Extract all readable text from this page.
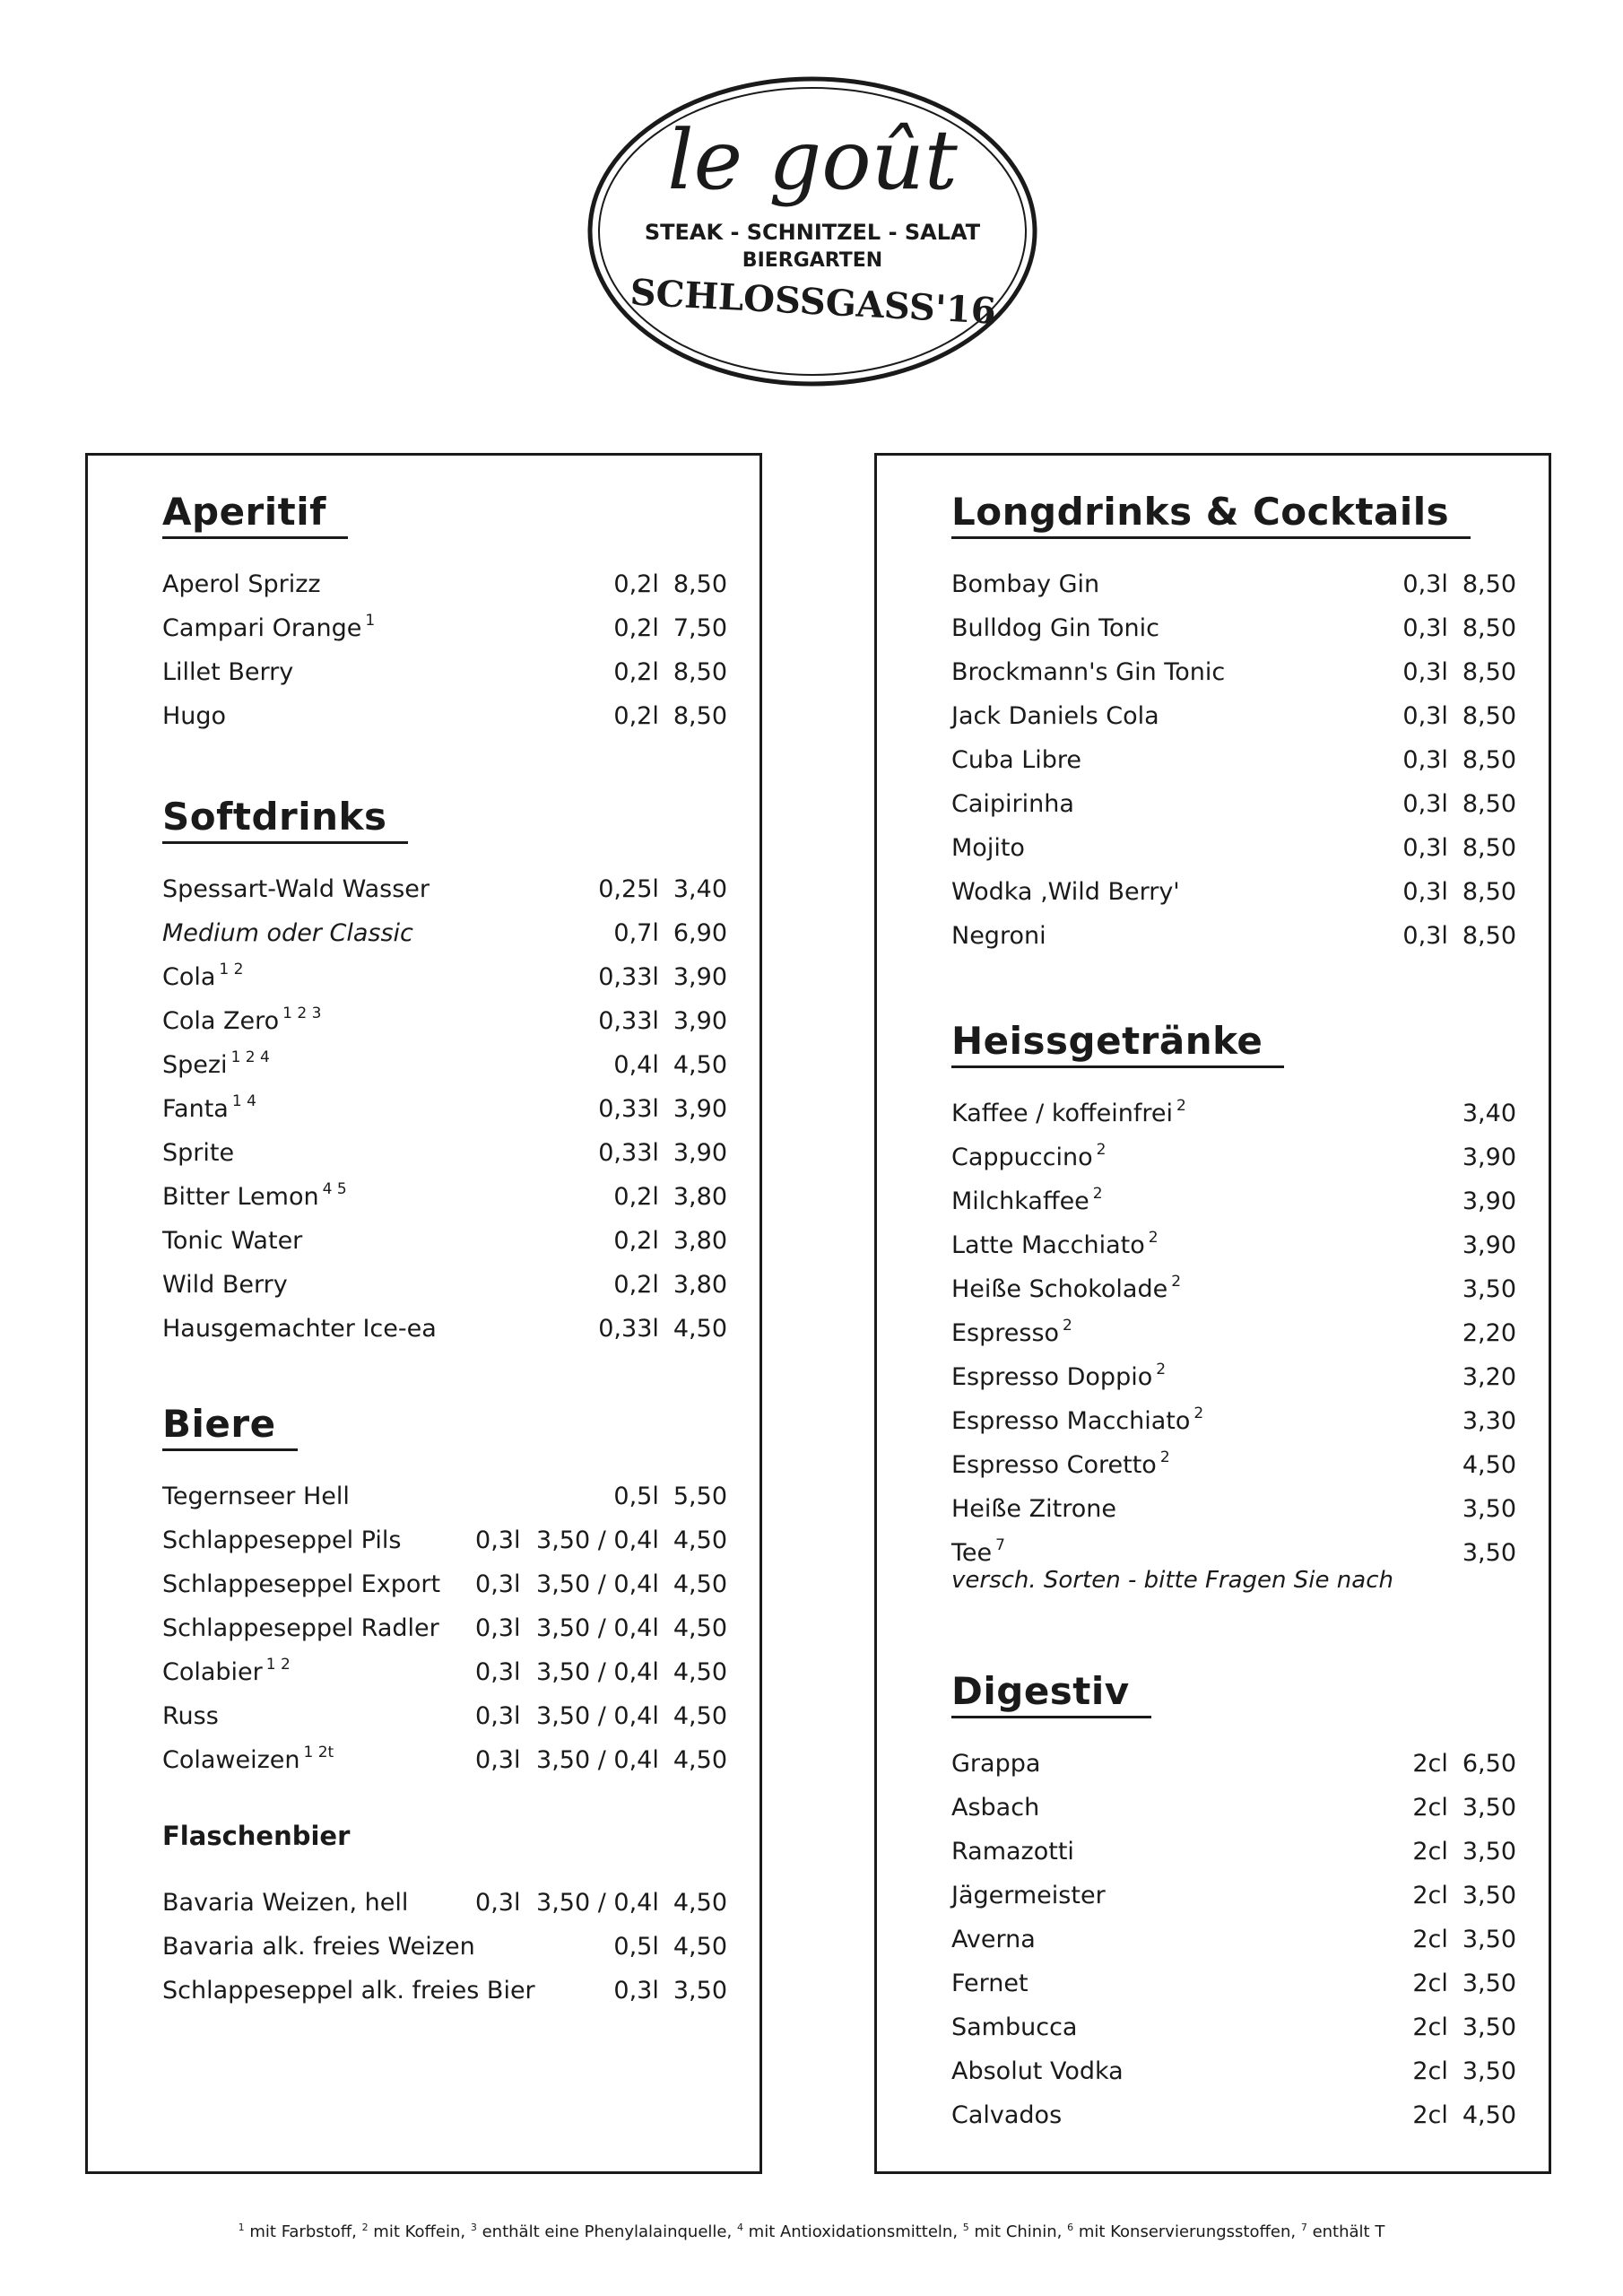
le goût
STEAK - SCHNITZEL - SALAT
BIERGARTEN
SCHLOSSGASS'16
Aperitif
Aperol Sprizz	0,2l 8,50
Campari Orange $^1$	0,2l 7,50
Lillet Berry	0,2l 8,50
Hugo	0,2l 8,50
Softdrinks
Spessart-Wald Wasser	0,25l 3,40
Medium oder Classic	0,7l 6,90
Cola $^{1 2}$	0,33l 3,90
Cola Zero $^{1 2 3}$	0,33l 3,90
Spezi $^{1 2 4}$	0,4l 4,50
Fanta $^{1 4}$	0,33l 3,90
Sprite	0,33l 3,90
Bitter Lemon $^{4 5}$	0,2l 3,80
Tonic Water	0,2l 3,80
Wild Berry	0,2l 3,80
Hausgemachter Ice-ea	0,33l 4,50
Biere
Tegernseer Hell	0,5l 5,50
Schlappeseppel Pils	0,3l 3,50 / 0,4l 4,50
Schlappeseppel Export 0,3l 3,50 / 0,4l 4,50
Schlappeseppel Radler 0,3l 3,50 / 0,4l 4,50
Colabier $^{1 2}$	0,3l 3,50 / 0,4l 4,50
Russ	0,3l 3,50 / 0,4l 4,50
Colaweizen $^{1 2t}$	0,3l 3,50 / 0,4l 4,50
Flaschenbier
Bavaria Weizen, hell	0,3l 3,50 / 0,4l 4,50
Bavaria alk. freies Weizen	0,5l 4,50
Schlappeseppel alk. freies Bier	0,3l 3,50
Longdrinks & Cocktails
Bombay Gin	0,3l 8,50
Bulldog Gin Tonic	0,3l 8,50
Brockmann's Gin Tonic	0,3l 8,50
Jack Daniels Cola	0,3l 8,50
Cuba Libre	0,3l 8,50
Caipirinha	0,3l 8,50
Mojito	0,3l 8,50
Wodka ‚Wild Berry'	0,3l 8,50
Negroni	0,3l 8,50
Heissgetränke
Kaffee / koffeinfrei $^2$	3,40
Cappuccino $^2$	3,90
Milchkaffee $^2$	3,90
Latte Macchiato $^2$	3,90
Heiße Schokolade $^2$	3,50
Espresso $^2$	2,20
Espresso Doppio $^2$	3,20
Espresso Macchiato $^2$	3,30
Espresso Coretto $^2$	4,50
Heiße Zitrone	3,50
Tee $^7$	3,50
versch. Sorten - bitte Fragen Sie nach
Digestiv
Grappa	2cl 6,50
Asbach	2cl 3,50
Ramazotti	2cl 3,50
Jägermeister	2cl 3,50
Averna	2cl 3,50
Fernet	2cl 3,50
Sambucca	2cl 3,50
Absolut Vodka	2cl 3,50
Calvados	2cl 4,50
$^1$ mit Farbstoff, $^2$ mit Koffein, $^3$ enthält eine Phenylalainquelle, $^4$ mit Antioxidationsmitteln, $^5$ mit Chinin, $^6$ mit Konservierungsstoffen, $^7$ enthält T
